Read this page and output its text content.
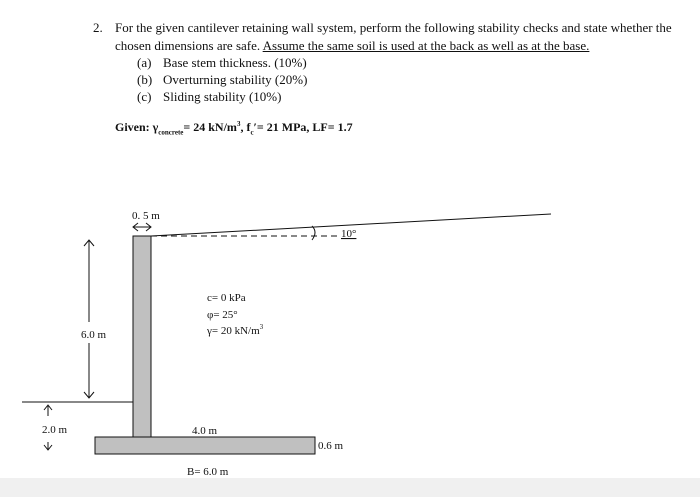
2. For the given cantilever retaining wall system, perform the following stability checks and state whether the
chosen dimensions are safe. Assume the same soil is used at the back as well as at the base.
(a) Base stem thickness. (10%)
(b) Overturning stability (20%)
(c) Sliding stability (10%)
Given: $\gamma_{concrete}= 24$ $kN/m^3$, $f_c'= 21$ MPa, LF= 1.7
0. 5 m
10°
c= 0 kPa
φ= 25°
γ= 20 $kN/m^3$
6.0 m
2.0 m	4.0 m
0.6 m
B= 6.0 m
